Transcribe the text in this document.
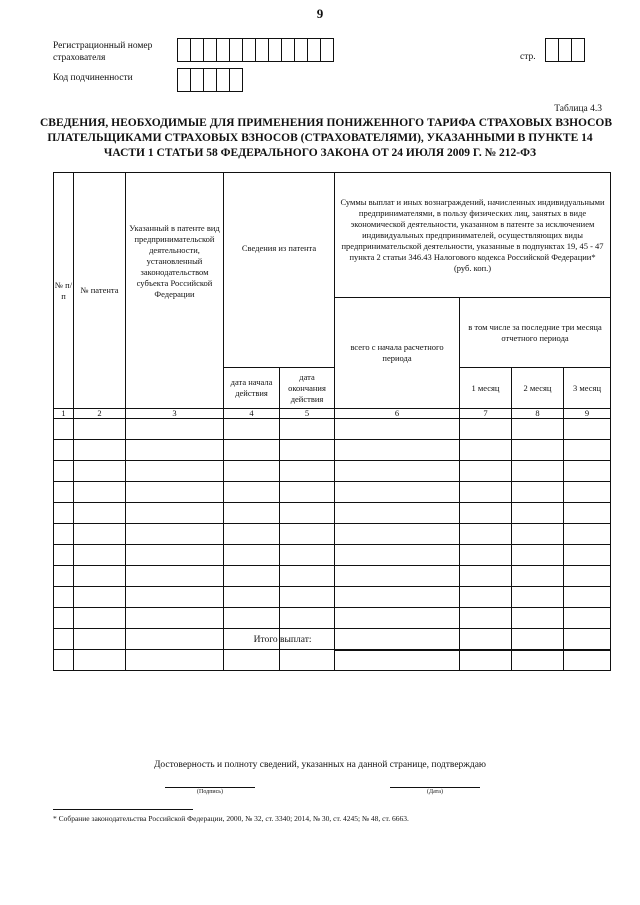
9
Регистрационный номер
страхователя	стр.
Код подчиненности
Таблица 4.3
СВЕДЕНИЯ, НЕОБХОДИМЫЕ ДЛЯ ПРИМЕНЕНИЯ ПОНИЖЕННОГО ТАРИФА СТРАХОВЫХ ВЗНОСОВ
ПЛАТЕЛЬЩИКАМИ СТРАХОВЫХ ВЗНОСОВ (СТРАХОВАТЕЛЯМИ), УКАЗАННЫМИ В ПУНКТЕ 14
ЧАСТИ 1 СТАТЬИ 58 ФЕДЕРАЛЬНОГО ЗАКОНА ОТ 24 ИЮЛЯ 2009 Г. № 212-ФЗ
№ п/п	№ патента	Указанный в патенте вид предпринимательской деятельности, установленный законодательством субъекта Российской Федерации	Сведения из патента		Суммы выплат и иных вознаграждений, начисленных индивидуальными предпринимателями, в пользу физических лиц, занятых в виде экономической деятельности, указанном в патенте за исключением индивидуальных предпринимателей, осуществляющих виды предпринимательской деятельности, указанные в подпунктах 19, 45 - 47 пункта 2 статьи 346.43 Налогового кодекса Российской Федерации*
(руб. коп.)			

					всего с начала расчетного периода	в том числе за последние три месяца отчетного периода		
			дата начала действия	дата окончания действия		1 месяц	2 месяц	3 месяц
1	2	3	4	5	6	7	8	9

Итого выплат:				
Достоверность и полноту сведений, указанных на данной странице, подтверждаю
(Подпись)	(Дата)
* Собрание законодательства Российской Федерации, 2000, № 32, ст. 3340; 2014, № 30, ст. 4245; № 48, ст. 6663.
